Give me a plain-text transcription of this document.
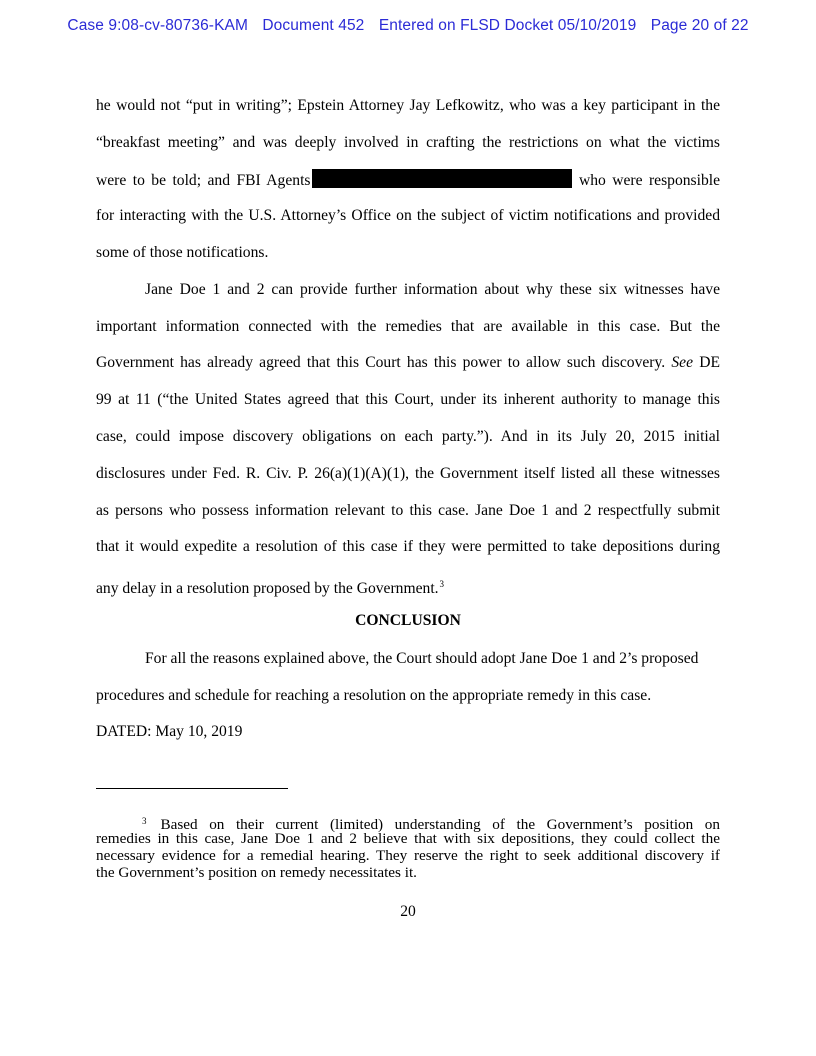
Case 9:08-cv-80736-KAM Document 452 Entered on FLSD Docket 05/10/2019 Page 20 of 22
he would not “put in writing”; Epstein Attorney Jay Lefkowitz, who was a key participant in the
“breakfast meeting” and was deeply involved in crafting the restrictions on what the victims
were to be told; and FBI Agents	who were responsible
for interacting with the U.S. Attorney’s Office on the subject of victim notifications and provided
some of those notifications.
Jane Doe 1 and 2 can provide further information about why these six witnesses have
important information connected with the remedies that are available in this case. But the
Government has already agreed that this Court has this power to allow such discovery. See DE
99 at 11 (“the United States agreed that this Court, under its inherent authority to manage this
case, could impose discovery obligations on each party.”). And in its July 20, 2015 initial
disclosures under Fed. R. Civ. P. 26(a)(1)(A)(1), the Government itself listed all these witnesses
as persons who possess information relevant to this case. Jane Doe 1 and 2 respectfully submit
that it would expedite a resolution of this case if they were permitted to take depositions during
any delay in a resolution proposed by the Government.$^3$
CONCLUSION
For all the reasons explained above, the Court should adopt Jane Doe 1 and 2’s proposed
procedures and schedule for reaching a resolution on the appropriate remedy in this case.
DATED: May 10, 2019
$^3$ Based on their current (limited) understanding of the Government’s position on
remedies in this case, Jane Doe 1 and 2 believe that with six depositions, they could collect the
necessary evidence for a remedial hearing. They reserve the right to seek additional discovery if
the Government’s position on remedy necessitates it.
20
